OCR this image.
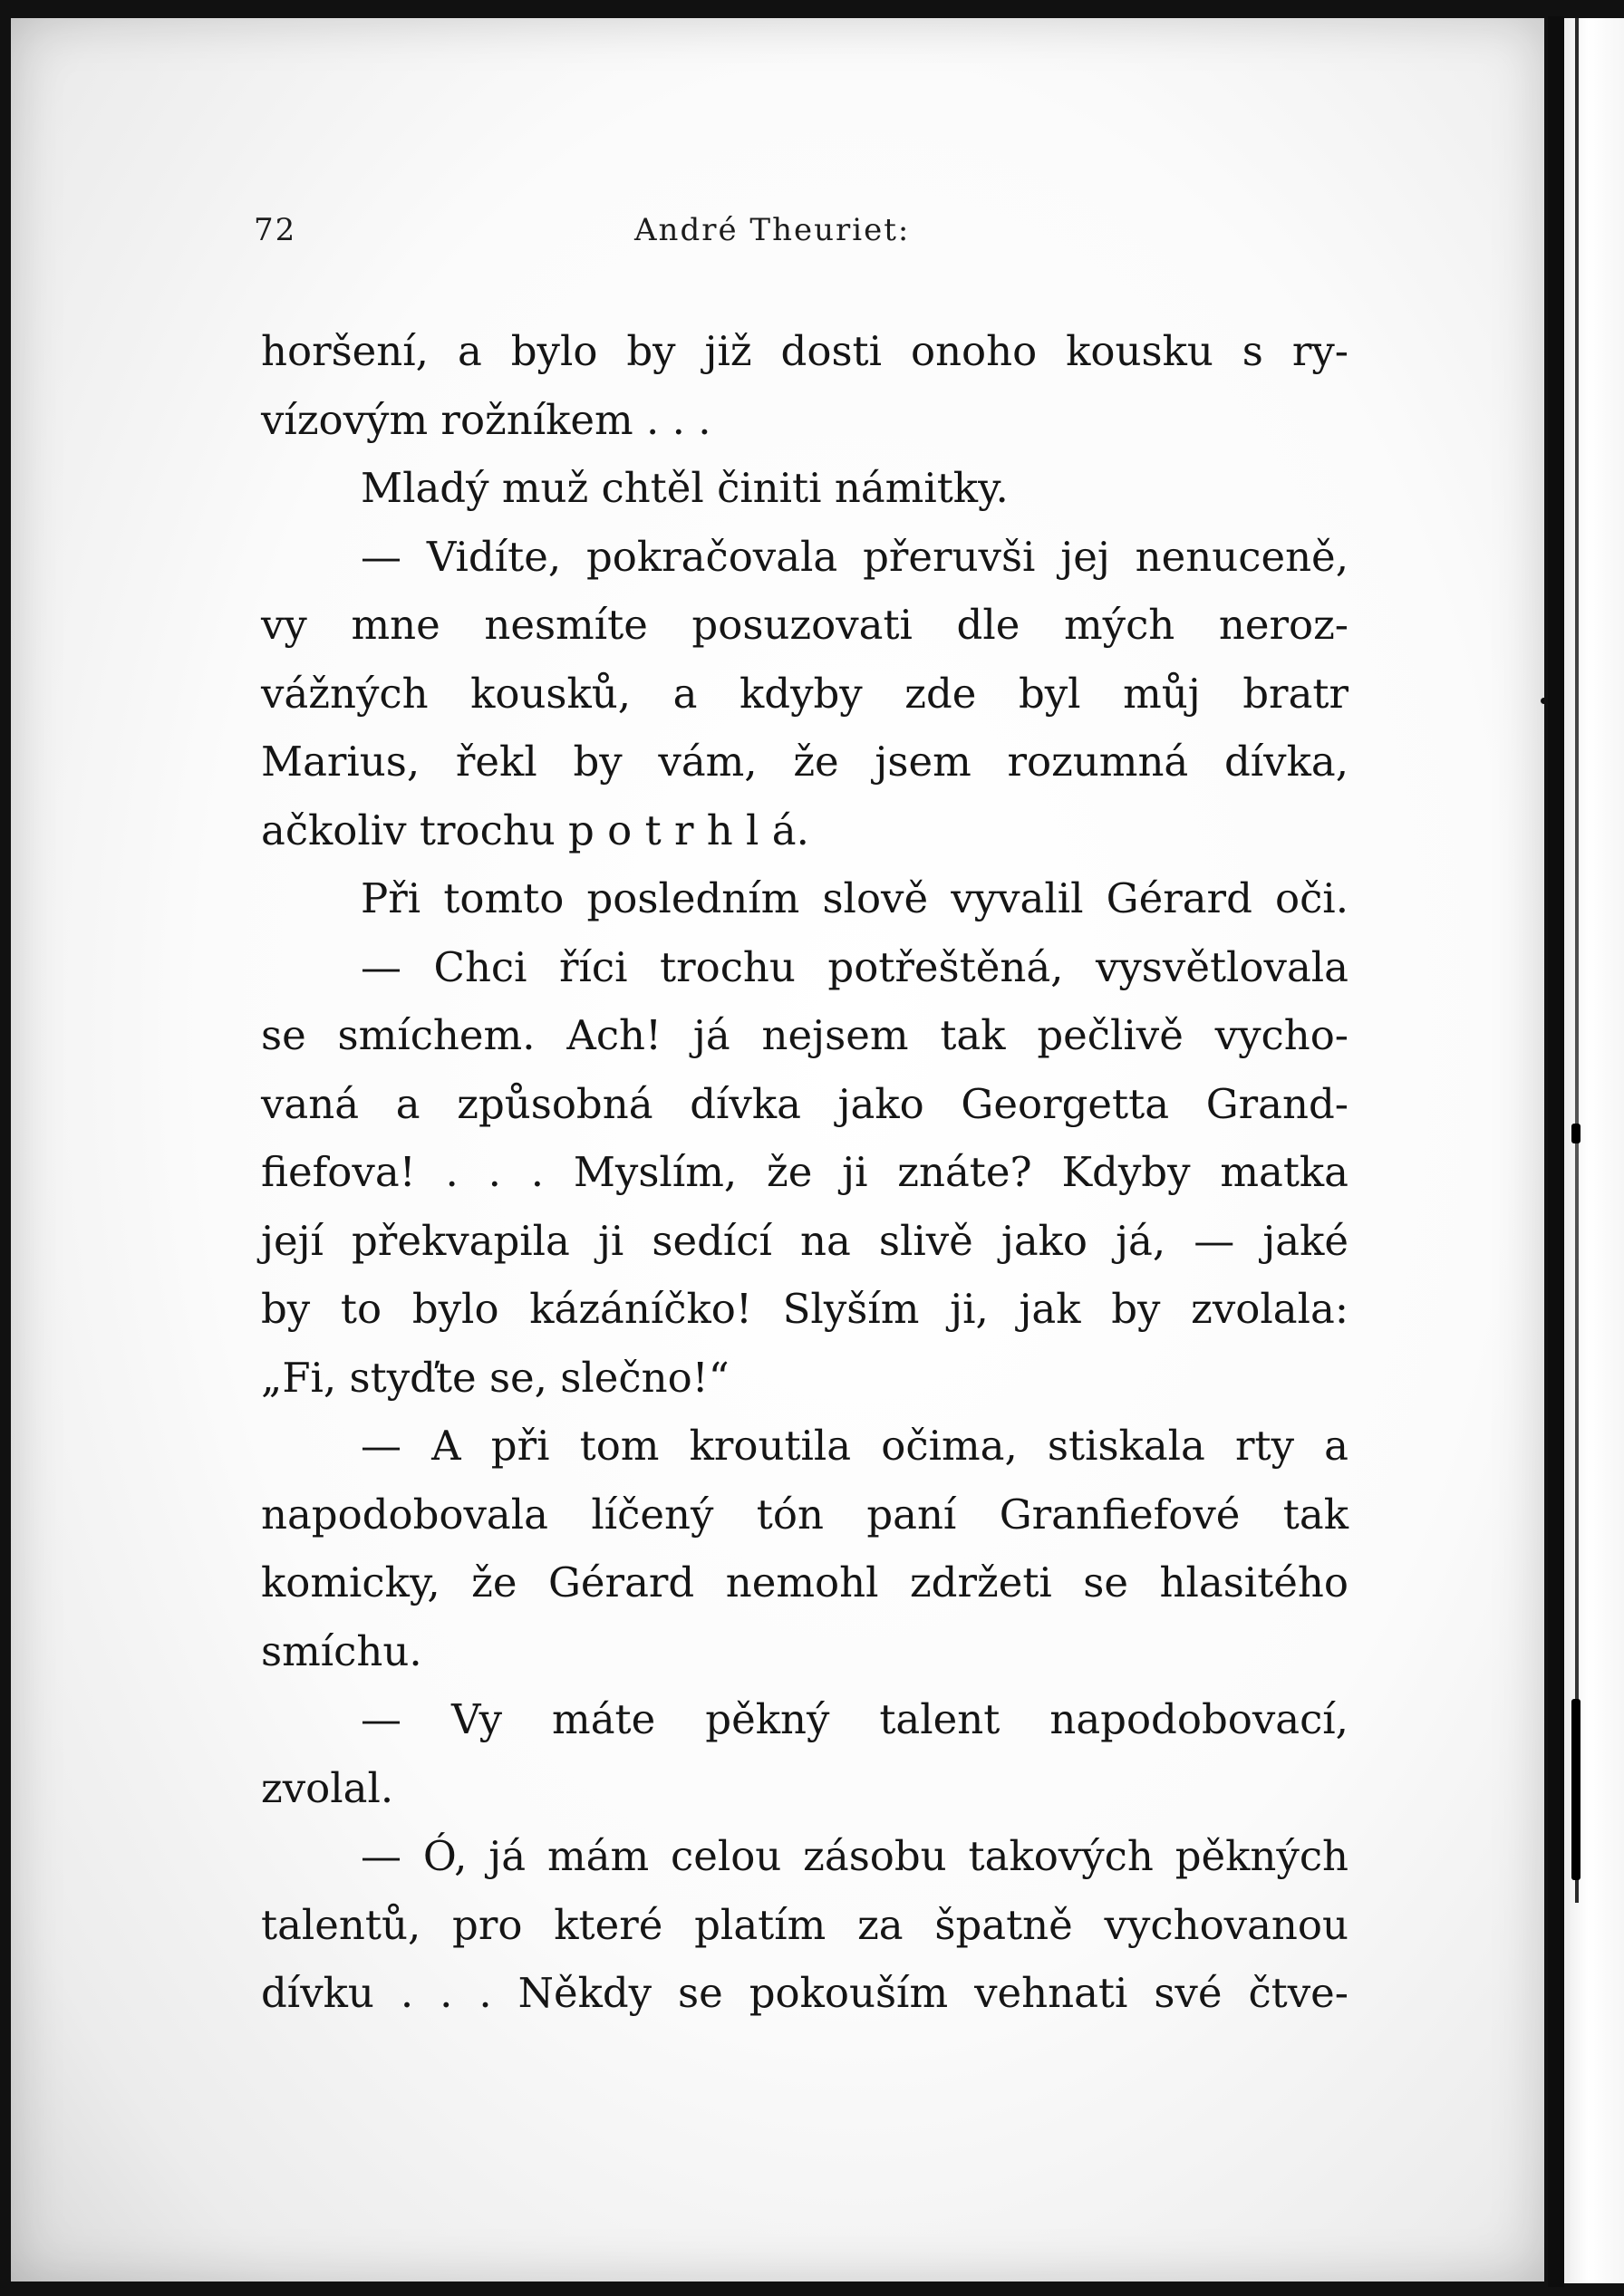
72	André Theuriet:
horšení, a bylo by již dosti onoho kousku s ry-
vízovým rožníkem . . .
Mladý muž chtěl činiti námitky.
— Vidíte, pokračovala přeruvši jej nenuceně,
vy mne nesmíte posuzovati dle mých neroz-
vážných kousků, a kdyby zde byl můj bratr
Marius, řekl by vám, že jsem rozumná dívka,
ačkoliv trochu p o t r h l á.
Při tomto posledním slově vyvalil Gérard oči.
— Chci říci trochu potřeštěná, vysvětlovala
se smíchem. Ach! já nejsem tak pečlivě vycho-
vaná a způsobná dívka jako Georgetta Grand-
fiefova! . . . Myslím, že ji znáte? Kdyby matka
její překvapila ji sedící na slivě jako já, — jaké
by to bylo kázáníčko! Slyším ji, jak by zvolala:
„Fi, styďte se, slečno!“
— A při tom kroutila očima, stiskala rty a
napodobovala líčený tón paní Granfiefové tak
komicky, že Gérard nemohl zdržeti se hlasitého
smíchu.
— Vy máte pěkný talent napodobovací,
zvolal.
— Ó, já mám celou zásobu takových pěkných
talentů, pro které platím za špatně vychovanou
dívku . . . Někdy se pokouším vehnati své čtve-
